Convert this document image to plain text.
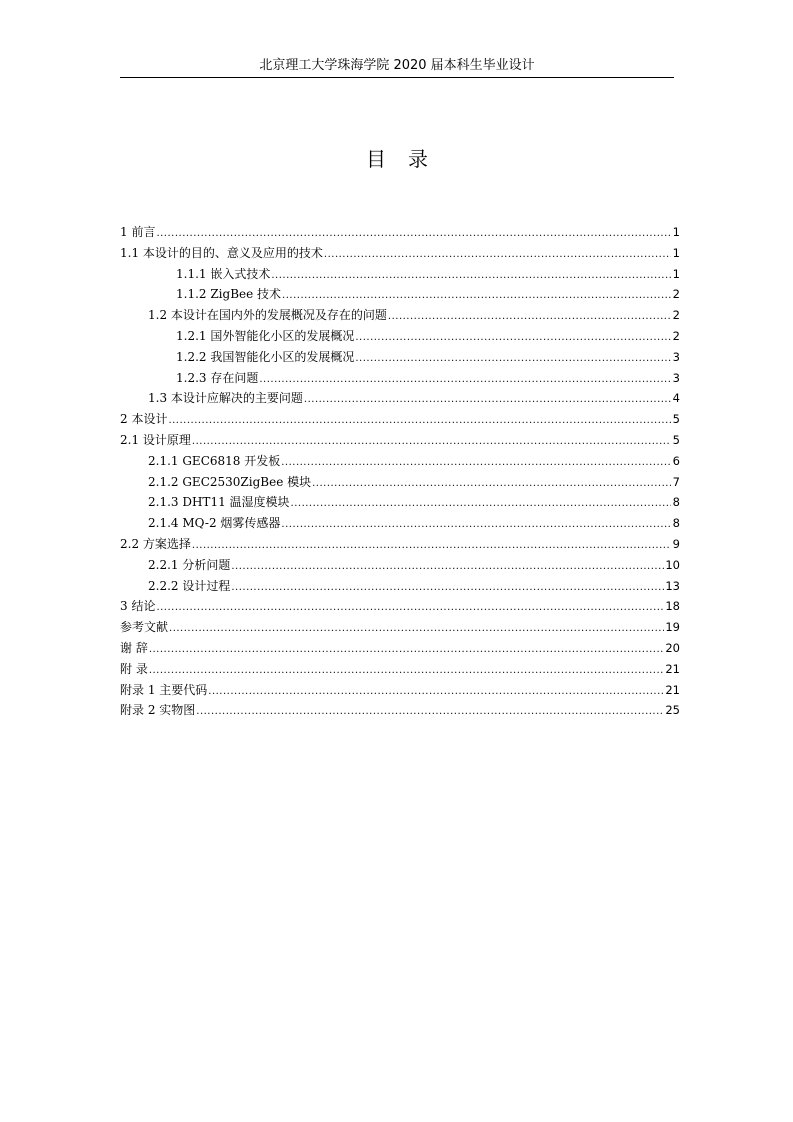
北京理工大学珠海学院 2020 届本科生毕业设计
目录
1 前言 .....	1
1.1 本设计的目的、意义及应用的技术 .....	1
1.1.1 嵌入式技术 .....	1
1.1.2 ZigBee 技术 .....	2
1.2 本设计在国内外的发展概况及存在的问题 .....	2
1.2.1 国外智能化小区的发展概况 .....	2
1.2.2 我国智能化小区的发展概况 .....	3
1.2.3 存在问题 .....	3
1.3 本设计应解决的主要问题 .....	4
2 本设计 .....	5
2.1 设计原理 .....	5
2.1.1 GEC6818 开发板 .....	6
2.1.2 GEC2530ZigBee 模块 .....	7
2.1.3 DHT11 温湿度模块 .....	8
2.1.4 MQ-2 烟雾传感器 .....	8
2.2 方案选择 .....	9
2.2.1 分析问题 .....	10
2.2.2 设计过程 .....	13
3 结论 .....	18
参考文献 .....	19
谢 辞 .....	20
附 录 .....	21
附录 1 主要代码 .....	21
附录 2 实物图 .....	25
